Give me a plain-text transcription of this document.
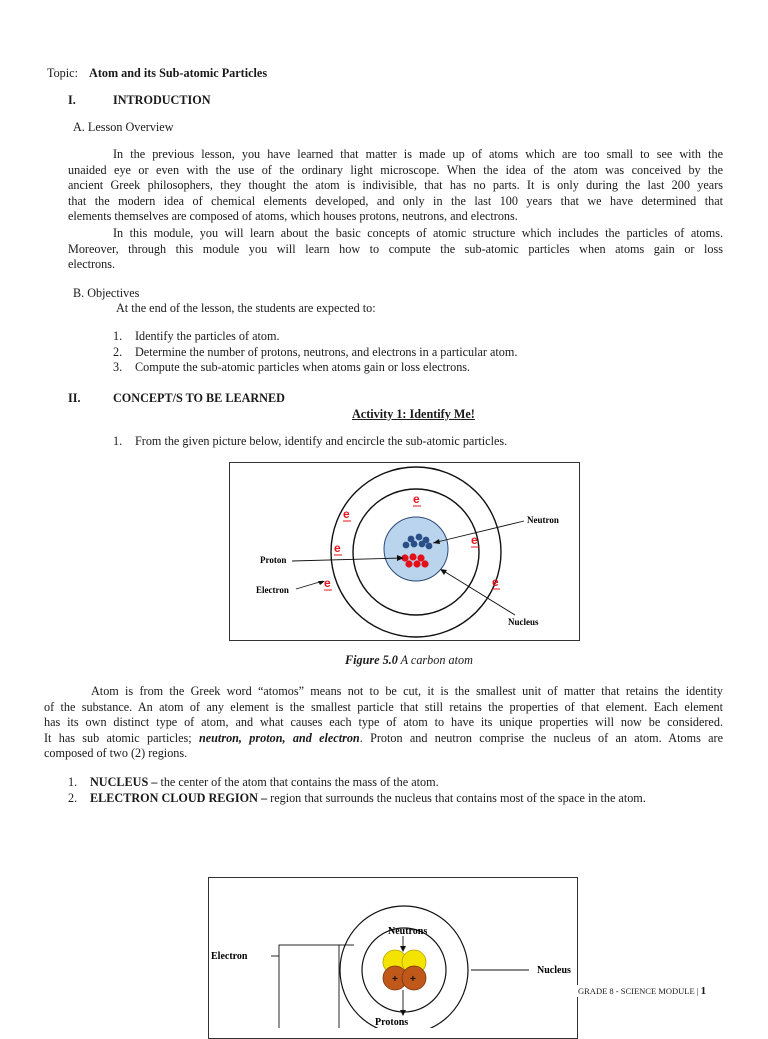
Topic: Atom and its Sub-atomic Particles
I.	INTRODUCTION
A. Lesson Overview
In the previous lesson, you have learned that matter is made up of atoms which are too small to see with the
unaided eye or even with the use of the ordinary light microscope. When the idea of the atom was conceived by the
ancient Greek philosophers, they thought the atom is indivisible, that has no parts. It is only during the last 200 years
that the modern idea of chemical elements developed, and only in the last 100 years that we have determined that
elements themselves are composed of atoms, which houses protons, neutrons, and electrons.
In this module, you will learn about the basic concepts of atomic structure which includes the particles of atoms.
Moreover, through this module you will learn how to compute the sub-atomic particles when atoms gain or loss
electrons.
B. Objectives
At the end of the lesson, the students are expected to:
1. Identify the particles of atom.
2. Determine the number of protons, neutrons, and electrons in a particular atom.
3. Compute the sub-atomic particles when atoms gain or loss electrons.
II.	CONCEPT/S TO BE LEARNED
Activity 1: Identify Me!
1. From the given picture below, identify and encircle the sub-atomic particles.
e
e
e
e
e	e
Neutron
Proton
Electron
Nucleus
Figure 5.0 A carbon atom
Atom is from the Greek word “atomos” means not to be cut, it is the smallest unit of matter that retains the identity
of the substance. An atom of any element is the smallest particle that still retains the properties of that element. Each element
has its own distinct type of atom, and what causes each type of atom to have its unique properties will now be considered.
It has sub atomic particles; neutron, proton, and electron. Proton and neutron comprise the nucleus of an atom. Atoms are
composed of two (2) regions.
1. NUCLEUS – the center of the atom that contains the mass of the atom.
2. ELECTRON CLOUD REGION – region that surrounds the nucleus that contains most of the space in the atom.
Electron
Neutrons
+ +
Nucleus
Protons
GRADE 8 - SCIENCE MODULE | 1
